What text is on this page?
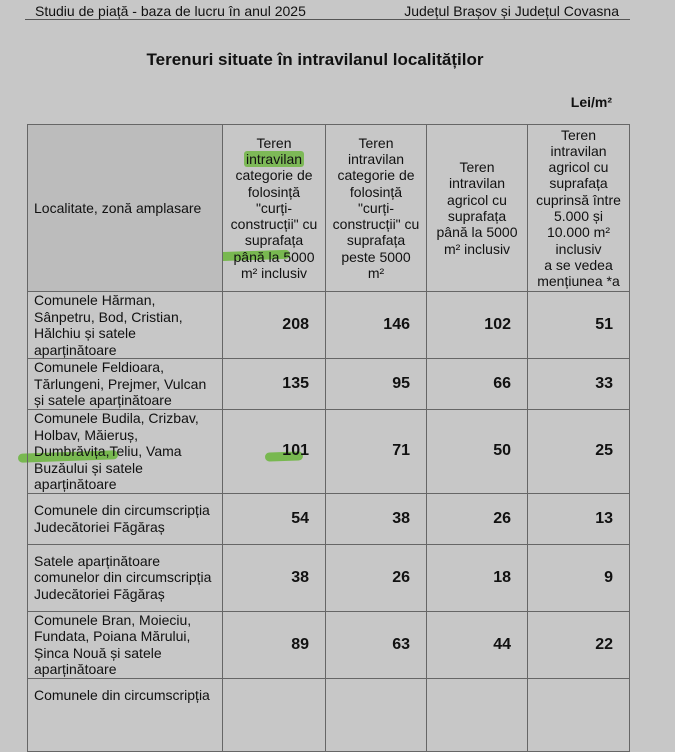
Studiu de piață - baza de lucru în anul 2025	Județul Brașov și Județul Covasna
Terenuri situate în intravilanul localităților
Lei/m²
Localitate, zonă amplasare	Teren
intravilan
categorie de
folosință
"curți-
construcții" cu
suprafața
până la 5000
m² inclusiv	Teren
intravilan
categorie de
folosință
"curți-
construcții" cu
suprafața
peste 5000
m²	Teren
intravilan
agricol cu
suprafața
până la 5000
m² inclusiv	Teren
intravilan
agricol cu
suprafața
cuprinsă între
5.000 și
10.000 m²
inclusiv
a se vedea
mențiunea *a
Comunele Hărman, Sânpetru, Bod, Cristian, Hălchiu și satele aparținătoare	208	146	102	51
Comunele Feldioara, Tărlungeni, Prejmer, Vulcan și satele aparținătoare	135	95	66	33
Comunele Budila, Crizbav, Holbav, Măieruș, Dumbrăvița,Teliu, Vama Buzăului și satele aparținătoare	101	71	50	25
Comunele din circumscripția Judecătoriei Făgăraș	54	38	26	13
Satele aparținătoare comunelor din circumscripția Judecătoriei Făgăraș	38	26	18	9
Comunele Bran, Moieciu, Fundata, Poiana Mărului, Șinca Nouă și satele aparținătoare	89	63	44	22
Comunele din circumscripția				
